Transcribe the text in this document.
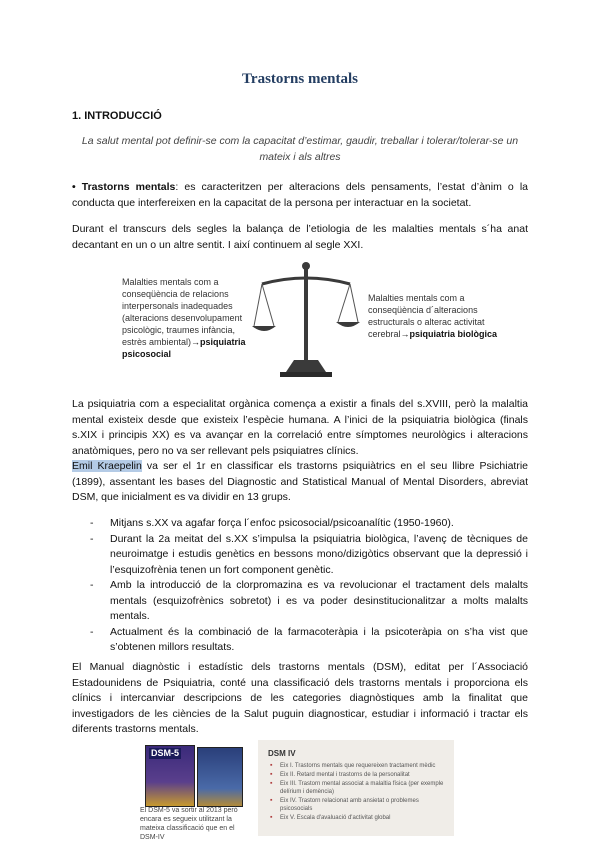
Trastorns mentals
1. INTRODUCCIÓ
La salut mental pot definir-se com la capacitat d’estimar, gaudir, treballar i tolerar/tolerar-se un mateix i als altres
• Trastorns mentals: es caracteritzen per alteracions dels pensaments, l’estat d’ànim o la conducta que interfereixen en la capacitat de la persona per interactuar en la societat.
Durant el transcurs dels segles la balança de l’etiologia de les malalties mentals s´ha anat decantant en un o un altre sentit. I així continuem al segle XXI.
Malalties mentals com a conseqüència de relacions interpersonals inadequades (alteracions desenvolupament psicològic, traumes infància, estrès ambiental)→psiquiatria psicosocial
Malalties mentals com a conseqüència d´alteracions estructurals o alterac activitat cerebral→psiquiatria biològica
La psiquiatria com a especialitat orgànica comença a existir a finals del s.XVIII, però la malaltia mental existeix desde que existeix l’espècie humana. A l’inici de la psiquiatria biològica (finals s.XIX i principis XX) es va avançar en la correlació entre símptomes neurològics i alteracions anatòmiques, pero no va ser rellevant pels psiquiatres clínics.
Emil Kraepelin va ser el 1r en classificar els trastorns psiquiàtrics en el seu llibre Psichiatrie (1899), assentant les bases del Diagnostic and Statistical Manual of Mental Disorders, abreviat DSM, que inicialment es va dividir en 13 grups.
- Mitjans s.XX va agafar força l´enfoc psicosocial/psicoanalític (1950-1960).
- Durant la 2a meitat del s.XX s’impulsa la psiquiatria biològica, l’avenç de tècniques de neuroimatge i estudis genètics en bessons mono/dizigòtics observant que la depressió i l’esquizofrènia tenen un fort component genètic.
- Amb la introducció de la clorpromazina es va revolucionar el tractament dels malalts mentals (esquizofrènics sobretot) i es va poder desinstitucionalitzar a molts malalts mentals.
- Actualment és la combinació de la farmacoteràpia i la psicoteràpia on s’ha vist que s’obtenen millors resultats.
El Manual diagnòstic i estadístic dels trastorns mentals (DSM), editat per l´Associació Estadounidens de Psiquiatria, conté una classificació dels trastorns mentals i proporciona els clínics i intercanviar descripcions de les categories diagnòstiques amb la finalitat que investigadors de les ciències de la Salut puguin diagnosticar, estudiar i informació i tractar els diferents trastorns mentals.
DSM-5
El DSM-5 va sortir al 2013 però encara es segueix utilitzant la mateixa classificació que en el DSM-IV
DSM IV
▪ Eix I. Trastorns mentals que requereixen tractament mèdic
▪ Eix II. Retard mental i trastorns de la personalitat
▪ Eix III. Trastorn mental associat a malaltia física (per exemple delírium i demència)
▪ Eix IV. Trastorn relacionat amb ansietat o problemes psicosocials
▪ Eix V. Escala d'avaluació d'activitat global
